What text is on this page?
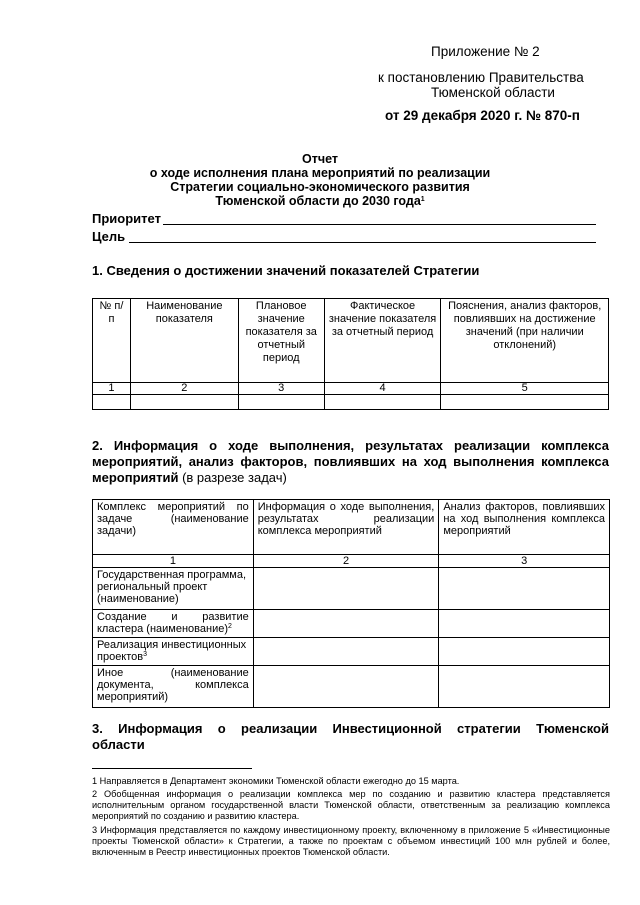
Приложение № 2
к постановлению Правительства
Тюменской области
от 29 декабря 2020 г. № 870-п
Отчет
о ходе исполнения плана мероприятий по реализации
Стратегии социально-экономического развития
Тюменской области до 2030 года$^1$
Приоритет
Цель
1. Сведения о достижении значений показателей Стратегии
№ п/п	Наименование показателя	Плановое значение показателя за отчетный период	Фактическое значение показателя за отчетный период	Пояснения, анализ факторов, повлиявших на достижение значений (при наличии отклонений)
1	2	3	4	5

2. Информация о ходе выполнения, результатах реализации комплекса
мероприятий, анализ факторов, повлиявших на ход выполнения комплекса
мероприятий (в разрезе задач)
Комплекс мероприятий по задаче (наименование задачи)	Информация о ходе выполнения, результатах реализации комплекса мероприятий	Анализ факторов, повлиявших на ход выполнения комплекса мероприятий
1	2	3
Государственная программа, региональный проект (наименование)		
Создание и развитие кластера (наименование)$^2$		
Реализация инвестиционных проектов$^3$		
Иное (наименование документа, комплекса мероприятий)		
3. Информация о реализации Инвестиционной стратегии Тюменской
области
1 Направляется в Департамент экономики Тюменской области ежегодно до 15 марта.
2 Обобщенная информация о реализации комплекса мер по созданию и развитию кластера представляется исполнительным органом государственной власти Тюменской области, ответственным за реализацию комплекса мероприятий по созданию и развитию кластера.
3 Информация представляется по каждому инвестиционному проекту, включенному в приложение 5 «Инвестиционные проекты Тюменской области» к Стратегии, а также по проектам с объемом инвестиций 100 млн рублей и более, включенным в Реестр инвестиционных проектов Тюменской области.
